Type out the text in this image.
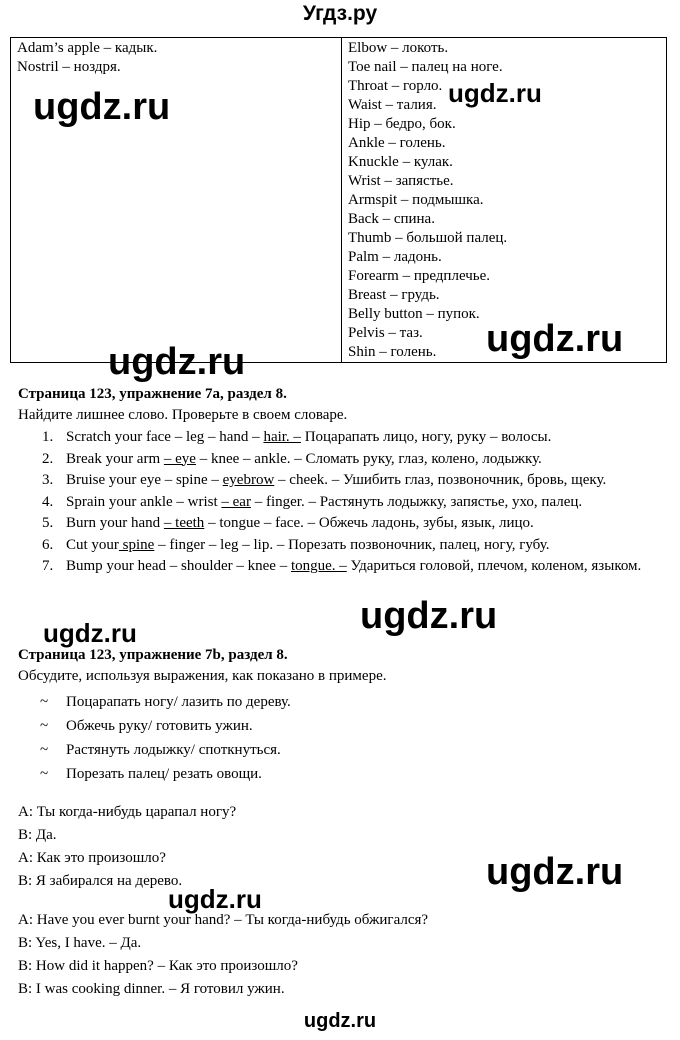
Угдз.ру
Adam’s apple – кадык.
Nostril – ноздря.

Elbow – локоть.
Toe nail – палец на ноге.
Throat – горло.
Waist – талия.
Hip – бедро, бок.
Ankle – голень.
Knuckle – кулак.
Wrist – запястье.
Armspit – подмышка.
Back – спина.
Thumb – большой палец.
Palm – ладонь.
Forearm – предплечье.
Breast – грудь.
Belly button – пупок.
Pelvis – таз.
Shin – голень.
Страница 123, упражнение 7a, раздел 8.
Найдите лишнее слово. Проверьте в своем словаре.
1. Scratch your face – leg – hand – hair. – Поцарапать лицо, ногу, руку – волосы.
2. Break your arm – eye – knee – ankle. – Сломать руку, глаз, колено, лодыжку.
3. Bruise your eye – spine – eyebrow – cheek. – Ушибить глаз, позвоночник, бровь, щеку.
4. Sprain your ankle – wrist – ear – finger. – Растянуть лодыжку, запястье, ухо, палец.
5. Burn your hand – teeth – tongue – face. – Обжечь ладонь, зубы, язык, лицо.
6. Cut your spine – finger – leg – lip. – Порезать позвоночник, палец, ногу, губу.
7. Bump your head – shoulder – knee – tongue. – Удариться головой, плечом, коленом, языком.
Страница 123, упражнение 7b, раздел 8.
Обсудите, используя выражения, как показано в примере.
~	Поцарапать ногу/ лазить по дереву.
~	Обжечь руку/ готовить ужин.
~	Растянуть лодыжку/ споткнуться.
~	Порезать палец/ резать овощи.
A: Ты когда-нибудь царапал ногу?
B: Да.
A: Как это произошло?
B: Я забирался на дерево.
A: Have you ever burnt your hand? – Ты когда-нибудь обжигался?
B: Yes, I have. – Да.
B: How did it happen? – Как это произошло?
B: I was cooking dinner. – Я готовил ужин.
ugdz.ru	ugdz.ru
ugdz.ru
ugdz.ru
ugdz.ru	ugdz.ru
ugdz.ru
ugdz.ru
ugdz.ru
